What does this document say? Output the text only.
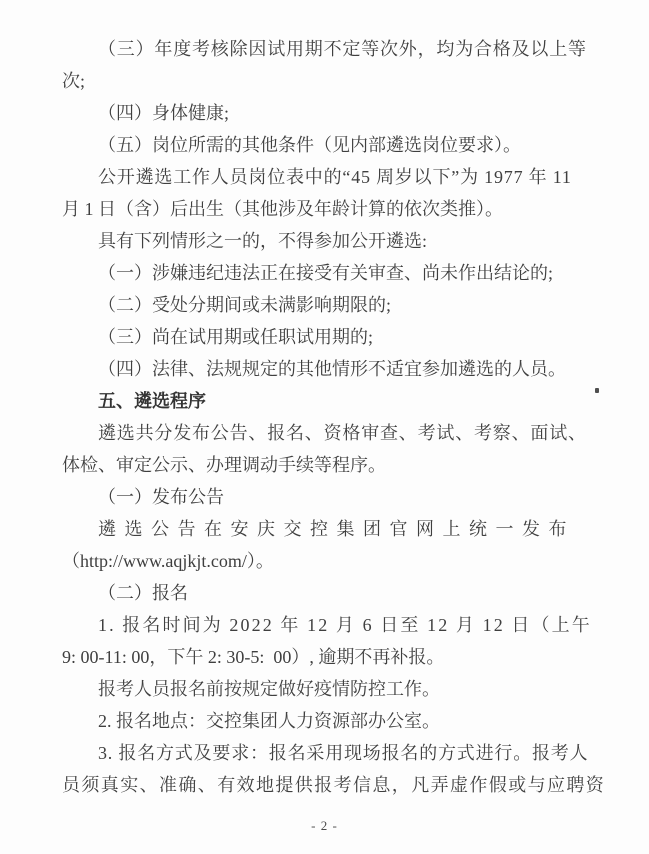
（三）年度考核除因试用期不定等次外，均为合格及以上等
次;
（四）身体健康;
（五）岗位所需的其他条件（见内部遴选岗位要求）。
公开遴选工作人员岗位表中的“45 周岁以下”为 1977 年 11
月 1 日（含）后出生（其他涉及年龄计算的依次类推）。
具有下列情形之一的，不得参加公开遴选:
（一）涉嫌违纪违法正在接受有关审查、尚未作出结论的;
（二）受处分期间或未满影响期限的;
（三）尚在试用期或任职试用期的;
（四）法律、法规规定的其他情形不适宜参加遴选的人员。
五、遴选程序
遴选共分发布公告、报名、资格审查、考试、考察、面试、
体检、审定公示、办理调动手续等程序。
（一）发布公告
遴选公告在安庆交控集团官网上统一发布
（http://www.aqjkjt.com/）。
（二）报名
1. 报名时间为 2022 年 12 月 6 日至 12 月 12 日（上午
9: 00-11: 00，下午 2: 30-5:  00）, 逾期不再补报。
报考人员报名前按规定做好疫情防控工作。
2. 报名地点：交控集团人力资源部办公室。
3. 报名方式及要求：报名采用现场报名的方式进行。报考人
员须真实、准确、有效地提供报考信息，凡弄虚作假或与应聘资
- 2 -
